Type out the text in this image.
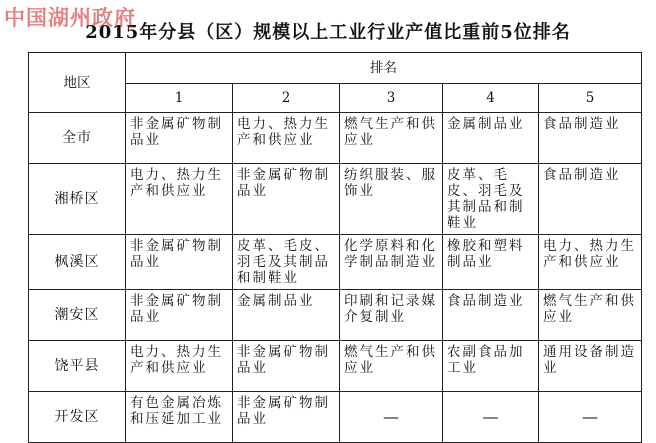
中国湖州政府
2015年分县（区）规模以上工业行业产值比重前5位排名
地区	排名				
	1	2	3	4	5
全市	非金属矿物制品业	电力、热力生产和供应业	燃气生产和供应业	金属制品业	食品制造业
湘桥区	电力、热力生产和供应业	非金属矿物制品业	纺织服装、服饰业	皮革、毛皮、羽毛及其制品和制鞋业	食品制造业
枫溪区	非金属矿物制品业	皮革、毛皮、羽毛及其制品和制鞋业	化学原料和化学制品制造业	橡胶和塑料制品业	电力、热力生产和供应业
潮安区	非金属矿物制品业	金属制品业	印刷和记录媒介复制业	食品制造业	燃气生产和供应业
饶平县	电力、热力生产和供应业	非金属矿物制品业	燃气生产和供应业	农副食品加工业	通用设备制造业
开发区	有色金属冶炼和压延加工业	非金属矿物制品业	—	—	—
